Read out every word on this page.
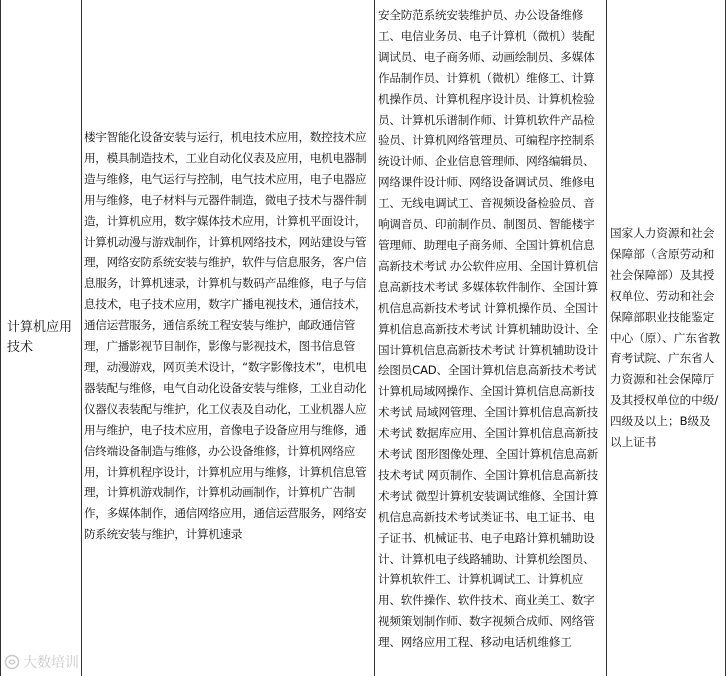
计算机应用技术

楼宇智能化设备安装与运行，机电技术应用，数控技术应用，模具制造技术，工业自动化仪表及应用，电机电器制造与维修，电气运行与控制，电气技术应用，电子电器应用与维修，电子材料与元器件制造，微电子技术与器件制造，计算机应用，数字媒体技术应用，计算机平面设计，计算机动漫与游戏制作，计算机网络技术，网站建设与管理，网络安防系统安装与维护，软件与信息服务，客户信息服务，计算机速录，计算机与数码产品维修，电子与信息技术，电子技术应用，数字广播电视技术，通信技术，通信运营服务，通信系统工程安装与维护，邮政通信管理，广播影视节目制作，影像与影视技术，图书信息管理，动漫游戏，网页美术设计，“数字影像技术”，电机电器装配与维修，电气自动化设备安装与维修，工业自动化仪器仪表装配与维护，化工仪表及自动化，工业机器人应用与维护，电子技术应用，音像电子设备应用与维修，通信终端设备制造与维修，办公设备维修，计算机网络应用，计算机程序设计，计算机应用与维修，计算机信息管理，计算机游戏制作，计算机动画制作，计算机广告制作，多媒体制作，通信网络应用，通信运营服务，网络安防系统安装与维护，计算机速录

安全防范系统安装维护员、办公设备维修工、电信业务员、电子计算机（微机）装配调试员、电子商务师、动画绘制员、多媒体作品制作员、计算机（微机）维修工、计算机操作员、计算机程序设计员、计算机检验员、计算机乐谱制作师、计算机软件产品检验员、计算机网络管理员、可编程序控制系统设计师、企业信息管理师、网络编辑员、网络课件设计师、网络设备调试员、维修电工、无线电调试工、音视频设备检验员、音响调音员、印前制作员、制图员、智能楼宇管理师、助理电子商务师、全国计算机信息高新技术考试 办公软件应用、全国计算机信息高新技术考试 多媒体软件制作、全国计算机信息高新技术考试 计算机操作员、全国计算机信息高新技术考试 计算机辅助设计、全国计算机信息高新技术考试 计算机辅助设计绘图员CAD、全国计算机信息高新技术考试 计算机局域网操作、全国计算机信息高新技术考试 局域网管理、全国计算机信息高新技术考试 数据库应用、全国计算机信息高新技术考试 图形图像处理、全国计算机信息高新技术考试 网页制作、全国计算机信息高新技术考试 微型计算机安装调试维修、全国计算机信息高新技术考试类证书、电工证书、电子证书、机械证书、电子电路计算机辅助设计、计算机电子线路辅助、计算机绘图员、计算机软件工、计算机调试工、计算机应用、软件操作、软件技术、商业美工、数字视频策划制作师、数字视频合成师、网络管理、网络应用工程、移动电话机维修工

国家人力资源和社会保障部（含原劳动和社会保障部）及其授权单位、劳动和社会保障部职业技能鉴定中心（原）、广东省教育考试院、广东省人力资源和社会保障厅及其授权单位的中级/四级及以上；B级及以上证书

大数培训
